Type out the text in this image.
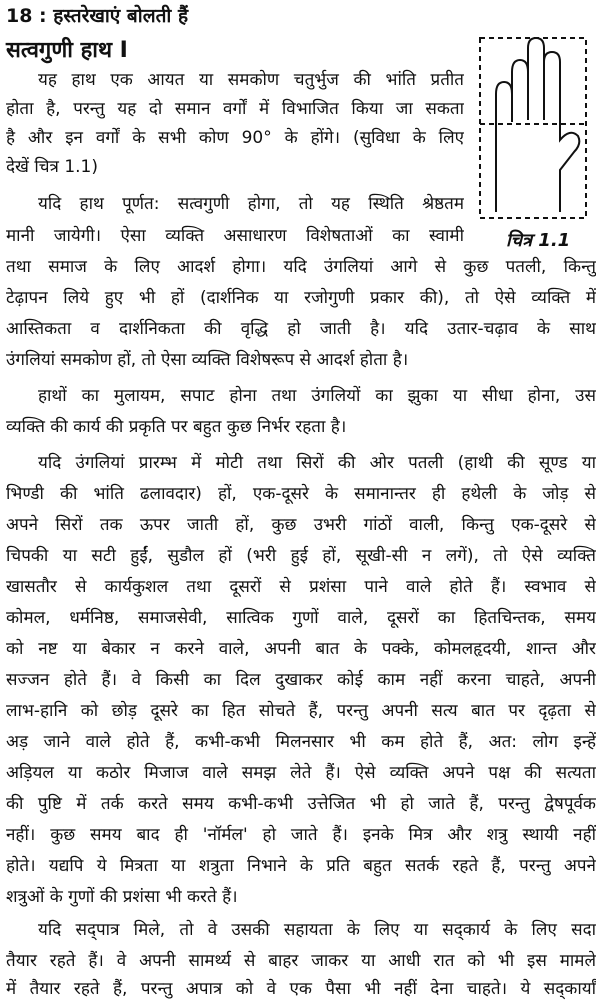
18 : हस्तरेखाएं बोलती हैं
सत्वगुणी हाथ I
चित्र 1.1
यह हाथ एक आयत या समकोण चतुर्भुज की भांति प्रतीत
होता है, परन्तु यह दो समान वर्गों में विभाजित किया जा सकता
है और इन वर्गों के सभी कोण 90° के होंगे। (सुविधा के लिए
देखें चित्र 1.1)
यदि हाथ पूर्णत: सत्वगुणी होगा, तो यह स्थिति श्रेष्ठतम
मानी जायेगी। ऐसा व्यक्ति असाधारण विशेषताओं का स्वामी
तथा समाज के लिए आदर्श होगा। यदि उंगलियां आगे से कुछ पतली, किन्तु
टेढ़ापन लिये हुए भी हों (दार्शनिक या रजोगुणी प्रकार की), तो ऐसे व्यक्ति में
आस्तिकता व दार्शनिकता की वृद्धि हो जाती है। यदि उतार-चढ़ाव के साथ
उंगलियां समकोण हों, तो ऐसा व्यक्ति विशेषरूप से आदर्श होता है।
हाथों का मुलायम, सपाट होना तथा उंगलियों का झुका या सीधा होना, उस
व्यक्ति की कार्य की प्रकृति पर बहुत कुछ निर्भर रहता है।
यदि उंगलियां प्रारम्भ में मोटी तथा सिरों की ओर पतली (हाथी की सूण्ड या
भिण्डी की भांति ढलावदार) हों, एक-दूसरे के समानान्तर ही हथेली के जोड़ से
अपने सिरों तक ऊपर जाती हों, कुछ उभरी गांठों वाली, किन्तु एक-दूसरे से
चिपकी या सटी हुईं, सुडौल हों (भरी हुई हों, सूखी-सी न लगें), तो ऐसे व्यक्ति
खासतौर से कार्यकुशल तथा दूसरों से प्रशंसा पाने वाले होते हैं। स्वभाव से
कोमल, धर्मनिष्ठ, समाजसेवी, सात्विक गुणों वाले, दूसरों का हितचिन्तक, समय
को नष्ट या बेकार न करने वाले, अपनी बात के पक्के, कोमलहृदयी, शान्त और
सज्जन होते हैं। वे किसी का दिल दुखाकर कोई काम नहीं करना चाहते, अपनी
लाभ-हानि को छोड़ दूसरे का हित सोचते हैं, परन्तु अपनी सत्य बात पर दृढ़ता से
अड़ जाने वाले होते हैं, कभी-कभी मिलनसार भी कम होते हैं, अत: लोग इन्हें
अड़ियल या कठोर मिजाज वाले समझ लेते हैं। ऐसे व्यक्ति अपने पक्ष की सत्यता
की पुष्टि में तर्क करते समय कभी-कभी उत्तेजित भी हो जाते हैं, परन्तु द्वेषपूर्वक
नहीं। कुछ समय बाद ही 'नॉर्मल' हो जाते हैं। इनके मित्र और शत्रु स्थायी नहीं
होते। यद्यपि ये मित्रता या शत्रुता निभाने के प्रति बहुत सतर्क रहते हैं, परन्तु अपने
शत्रुओं के गुणों की प्रशंसा भी करते हैं।
यदि सद्पात्र मिले, तो वे उसकी सहायता के लिए या सद्कार्य के लिए सदा
तैयार रहते हैं। वे अपनी सामर्थ्य से बाहर जाकर या आधी रात को भी इस मामले
में तैयार रहते हैं, परन्तु अपात्र को वे एक पैसा भी नहीं देना चाहते। ये सद्कार्यां
